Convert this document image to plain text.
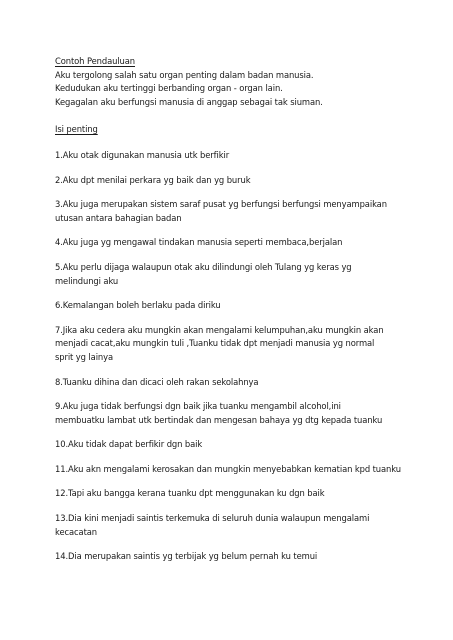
Contoh Pendauluan
Aku tergolong salah satu organ penting dalam badan manusia.
Kedudukan aku tertinggi berbanding organ - organ lain.
Kegagalan aku berfungsi manusia di anggap sebagai tak siuman.
Isi penting
1.Aku otak digunakan manusia utk berfikir
2.Aku dpt menilai perkara yg baik dan yg buruk
3.Aku juga merupakan sistem saraf pusat yg berfungsi berfungsi menyampaikan
utusan antara bahagian badan
4.Aku juga yg mengawal tindakan manusia seperti membaca,berjalan
5.Aku perlu dijaga walaupun otak aku dilindungi oleh Tulang yg keras yg
melindungi aku
6.Kemalangan boleh berlaku pada diriku
7.Jika aku cedera aku mungkin akan mengalami kelumpuhan,aku mungkin akan
menjadi cacat,aku mungkin tuli ,Tuanku tidak dpt menjadi manusia yg normal
sprit yg lainya
8.Tuanku dihina dan dicaci oleh rakan sekolahnya
9.Aku juga tidak berfungsi dgn baik jika tuanku mengambil alcohol,ini
membuatku lambat utk bertindak dan mengesan bahaya yg dtg kepada tuanku
10.Aku tidak dapat berfikir dgn baik
11.Aku akn mengalami kerosakan dan mungkin menyebabkan kematian kpd tuanku
12.Tapi aku bangga kerana tuanku dpt menggunakan ku dgn baik
13.Dia kini menjadi saintis terkemuka di seluruh dunia walaupun mengalami
kecacatan
14.Dia merupakan saintis yg terbijak yg belum pernah ku temui
